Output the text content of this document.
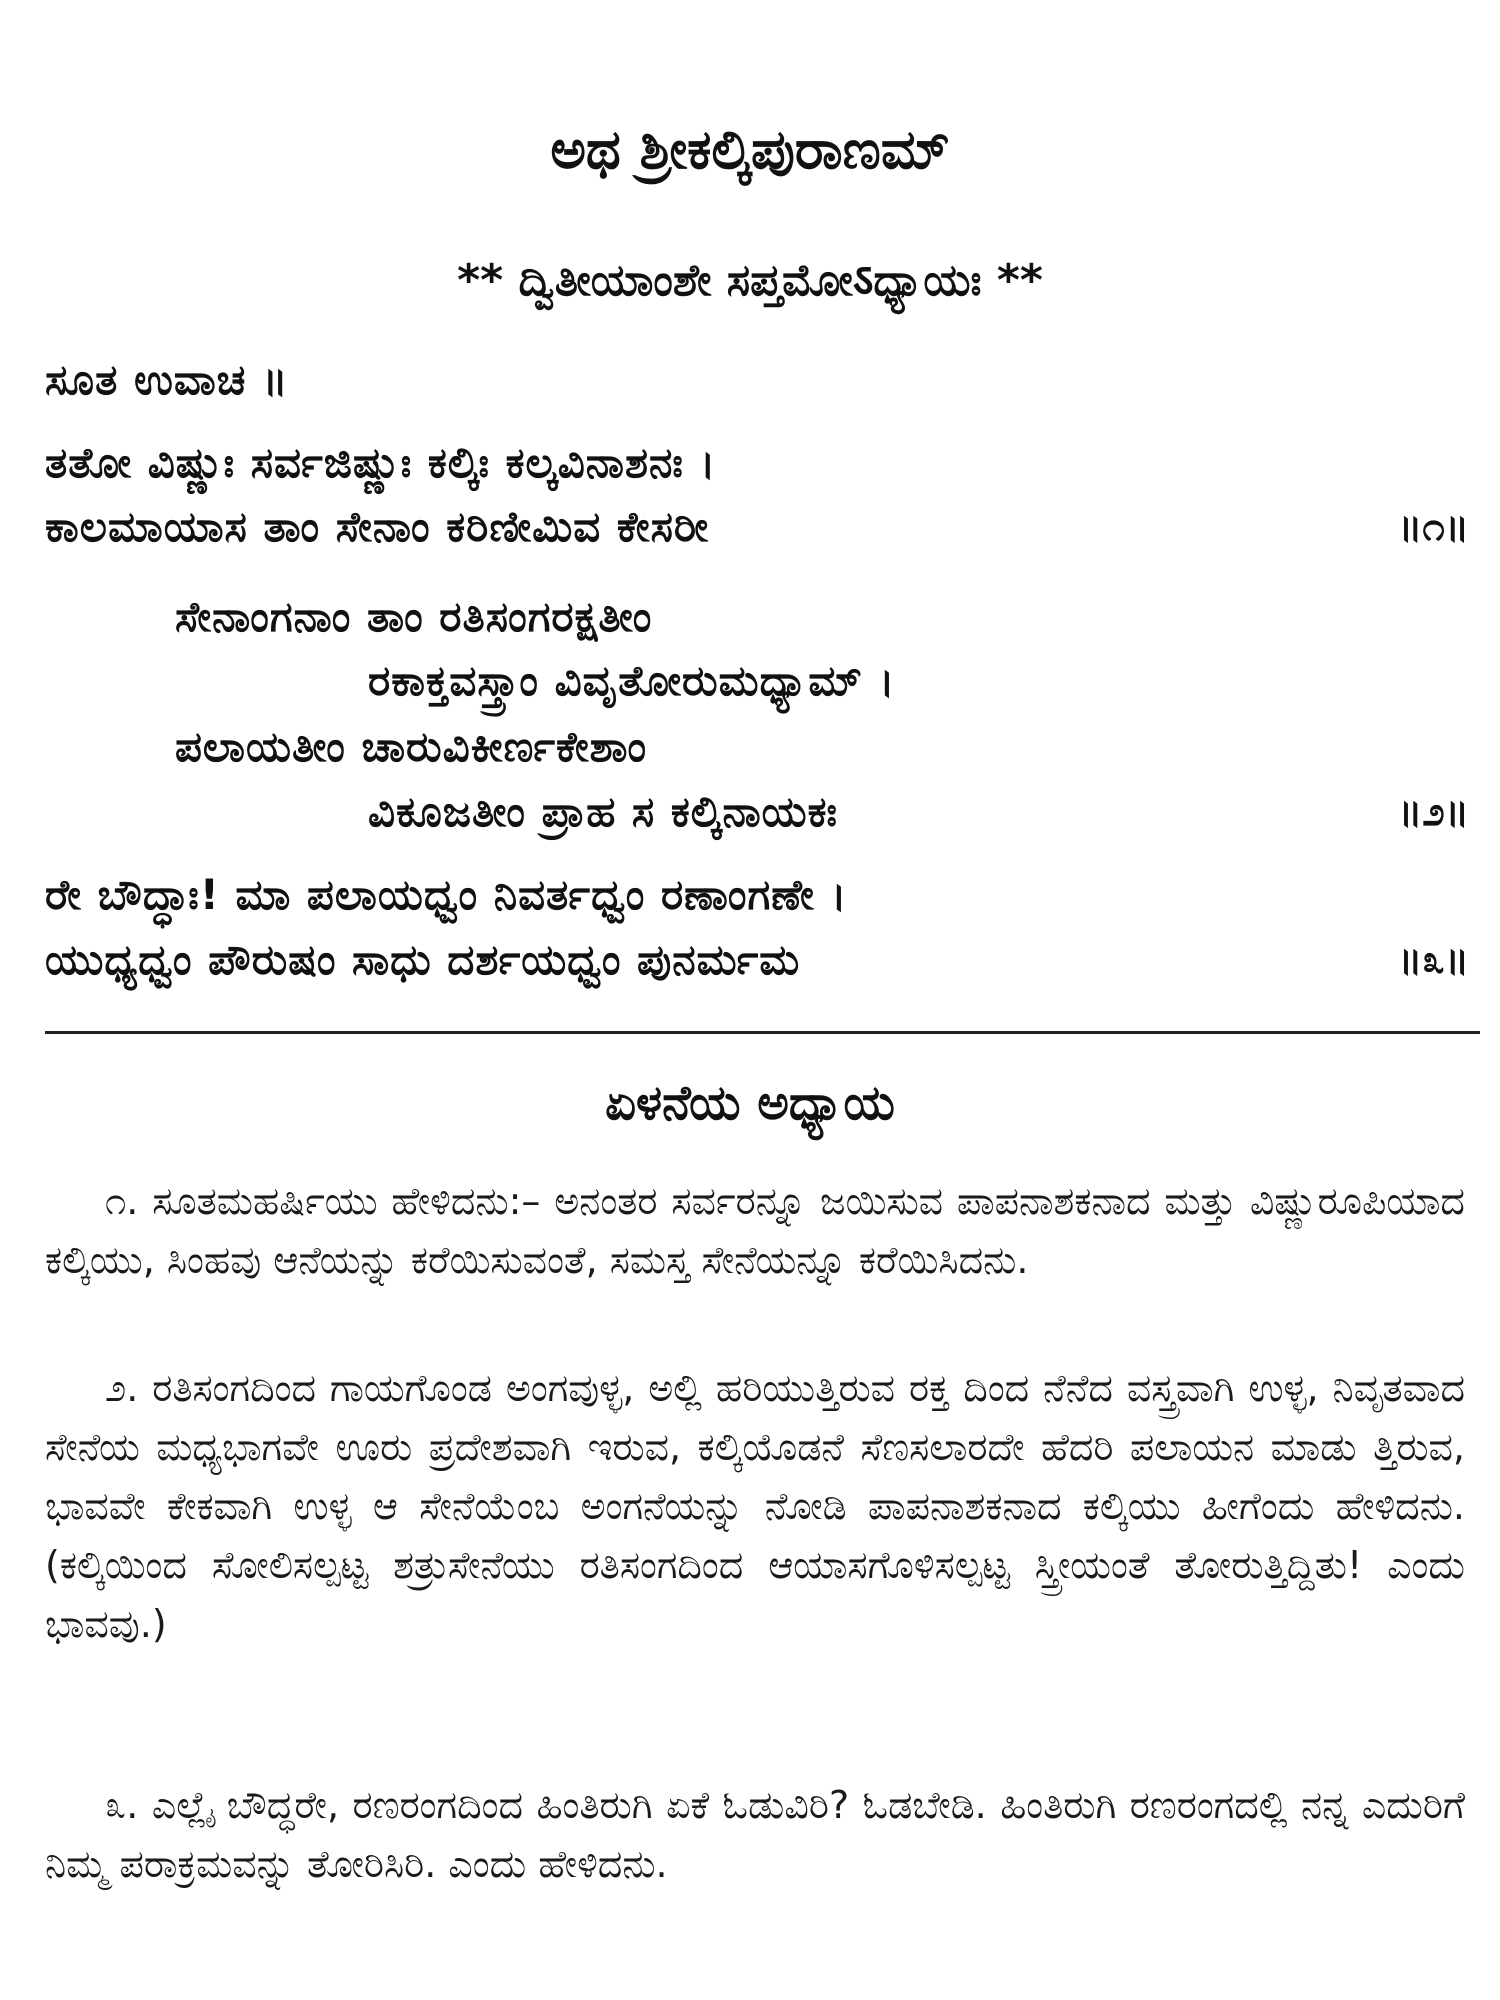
ಅಥ ಶ್ರೀಕಲ್ಕಿಪುರಾಣಮ್
** ದ್ವಿತೀಯಾಂಶೇ ಸಪ್ತಮೋऽಧ್ಯಾಯಃ **
ಸೂತ ಉವಾಚ ॥
ತತೋ ವಿಷ್ಣುಃ ಸರ್ವಜಿಷ್ಣುಃ ಕಲ್ಕಿಃ ಕಲ್ಕವಿನಾಶನಃ ।
ಕಾಲಮಾಯಾಸ ತಾಂ ಸೇನಾಂ ಕರಿಣೀಮಿವ ಕೇಸರೀ	॥೧॥
ಸೇನಾಂಗನಾಂ ತಾಂ ರತಿಸಂಗರಕ್ಷತೀಂ
ರಕಾಕ್ತವಸ್ತ್ರಾಂ ವಿವೃತೋರುಮಧ್ಯಾಮ್ ।
ಪಲಾಯತೀಂ ಚಾರುವಿಕೀರ್ಣಕೇಶಾಂ
ವಿಕೂಜತೀಂ ಪ್ರಾಹ ಸ ಕಲ್ಕಿನಾಯಕಃ	॥೨॥
ರೇ ಬೌದ್ಧಾಃ! ಮಾ ಪಲಾಯಧ್ವಂ ನಿವರ್ತಧ್ವಂ ರಣಾಂಗಣೇ ।
ಯುಧ್ಯಧ್ವಂ ಪೌರುಷಂ ಸಾಧು ದರ್ಶಯಧ್ವಂ ಪುನರ್ಮಮ	॥೩॥
ಏಳನೆಯ ಅಧ್ಯಾಯ
೧. ಸೂತಮಹರ್ಷಿಯು ಹೇಳಿದನು:– ಅನಂತರ ಸರ್ವರನ್ನೂ ಜಯಿಸುವ ಪಾಪನಾಶಕನಾದ ಮತ್ತು ವಿಷ್ಣುರೂಪಿಯಾದ ಕಲ್ಕಿಯು, ಸಿಂಹವು ಆನೆಯನ್ನು ಕರೆಯಿಸುವಂತೆ, ಸಮಸ್ತ ಸೇನೆಯನ್ನೂ ಕರೆಯಿಸಿದನು.
೨. ರತಿಸಂಗದಿಂದ ಗಾಯಗೊಂಡ ಅಂಗವುಳ್ಳ, ಅಲ್ಲಿ ಹರಿಯುತ್ತಿರುವ ರಕ್ತ ದಿಂದ ನೆನೆದ ವಸ್ತ್ರವಾಗಿ ಉಳ್ಳ, ನಿವೃತವಾದ ಸೇನೆಯ ಮಧ್ಯಭಾಗವೇ ಊರು ಪ್ರದೇಶವಾಗಿ ಇರುವ, ಕಲ್ಕಿಯೊಡನೆ ಸೆಣಸಲಾರದೇ ಹೆದರಿ ಪಲಾಯನ ಮಾಡು ತ್ತಿರುವ, ಭಾವವೇ ಕೇಕವಾಗಿ ಉಳ್ಳ ಆ ಸೇನೆಯೆಂಬ ಅಂಗನೆಯನ್ನು ನೋಡಿ ಪಾಪನಾಶಕನಾದ ಕಲ್ಕಿಯು ಹೀಗೆಂದು ಹೇಳಿದನು. (ಕಲ್ಕಿಯಿಂದ ಸೋಲಿಸಲ್ಪಟ್ಟ ಶತ್ರುಸೇನೆಯು ರತಿಸಂಗದಿಂದ ಆಯಾಸಗೊಳಿಸಲ್ಪಟ್ಟ ಸ್ತ್ರೀಯಂತೆ ತೋರುತ್ತಿದ್ದಿತು! ಎಂದು ಭಾವವು.)
೩. ಎಲ್ಲೈ ಬೌದ್ಧರೇ, ರಣರಂಗದಿಂದ ಹಿಂತಿರುಗಿ ಏಕೆ ಓಡುವಿರಿ? ಓಡಬೇಡಿ. ಹಿಂತಿರುಗಿ ರಣರಂಗದಲ್ಲಿ ನನ್ನ ಎದುರಿಗೆ ನಿಮ್ಮ ಪರಾಕ್ರಮವನ್ನು ತೋರಿಸಿರಿ. ಎಂದು ಹೇಳಿದನು.
